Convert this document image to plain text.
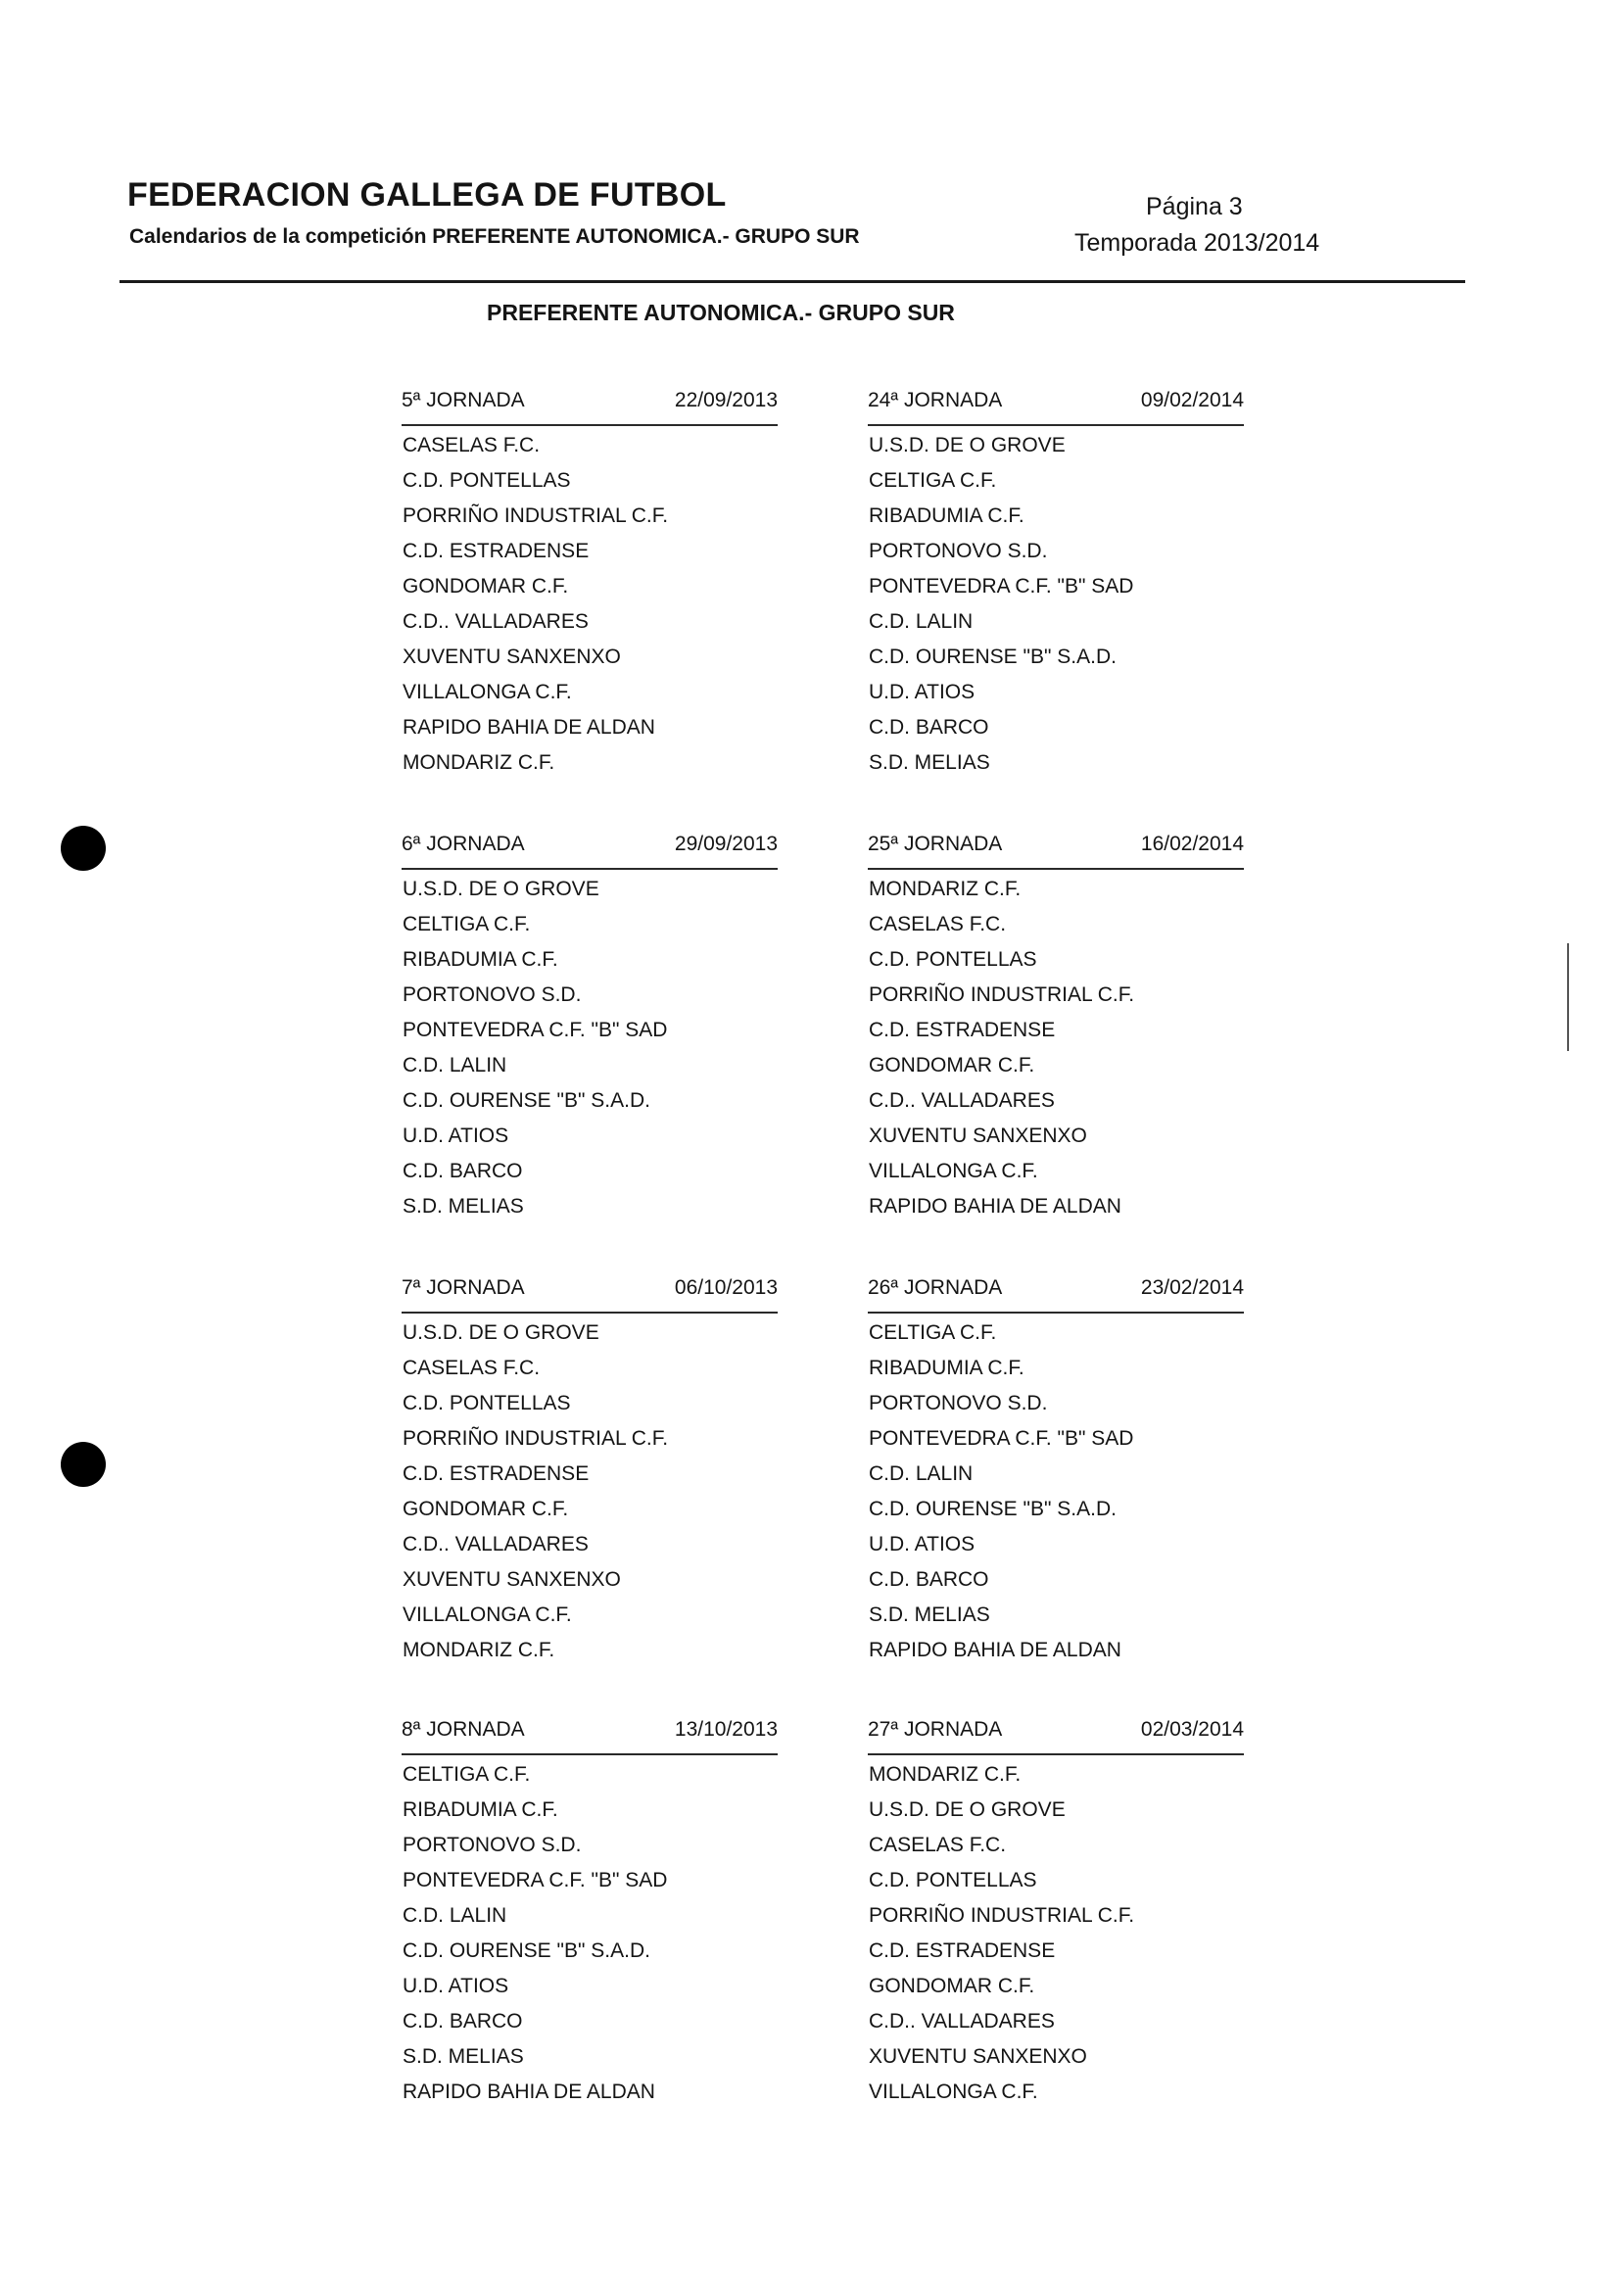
FEDERACION GALLEGA DE FUTBOL
Calendarios de la competición PREFERENTE AUTONOMICA.- GRUPO SUR
Página 3
Temporada 2013/2014
PREFERENTE AUTONOMICA.- GRUPO SUR
5ª JORNADA	22/09/2013
CASELAS F.C.
C.D. PONTELLAS
PORRIÑO INDUSTRIAL C.F.
C.D. ESTRADENSE
GONDOMAR C.F.
C.D.. VALLADARES
XUVENTU SANXENXO
VILLALONGA C.F.
RAPIDO BAHIA DE ALDAN
MONDARIZ C.F.
24ª JORNADA	09/02/2014
U.S.D. DE O GROVE
CELTIGA C.F.
RIBADUMIA C.F.
PORTONOVO S.D.
PONTEVEDRA C.F. "B" SAD
C.D. LALIN
C.D. OURENSE "B" S.A.D.
U.D. ATIOS
C.D. BARCO
S.D. MELIAS
6ª JORNADA	29/09/2013
U.S.D. DE O GROVE
CELTIGA C.F.
RIBADUMIA C.F.
PORTONOVO S.D.
PONTEVEDRA C.F. "B" SAD
C.D. LALIN
C.D. OURENSE "B" S.A.D.
U.D. ATIOS
C.D. BARCO
S.D. MELIAS
25ª JORNADA	16/02/2014
MONDARIZ C.F.
CASELAS F.C.
C.D. PONTELLAS
PORRIÑO INDUSTRIAL C.F.
C.D. ESTRADENSE
GONDOMAR C.F.
C.D.. VALLADARES
XUVENTU SANXENXO
VILLALONGA C.F.
RAPIDO BAHIA DE ALDAN
7ª JORNADA	06/10/2013
U.S.D. DE O GROVE
CASELAS F.C.
C.D. PONTELLAS
PORRIÑO INDUSTRIAL C.F.
C.D. ESTRADENSE
GONDOMAR C.F.
C.D.. VALLADARES
XUVENTU SANXENXO
VILLALONGA C.F.
MONDARIZ C.F.
26ª JORNADA	23/02/2014
CELTIGA C.F.
RIBADUMIA C.F.
PORTONOVO S.D.
PONTEVEDRA C.F. "B" SAD
C.D. LALIN
C.D. OURENSE "B" S.A.D.
U.D. ATIOS
C.D. BARCO
S.D. MELIAS
RAPIDO BAHIA DE ALDAN
8ª JORNADA	13/10/2013
CELTIGA C.F.
RIBADUMIA C.F.
PORTONOVO S.D.
PONTEVEDRA C.F. "B" SAD
C.D. LALIN
C.D. OURENSE "B" S.A.D.
U.D. ATIOS
C.D. BARCO
S.D. MELIAS
RAPIDO BAHIA DE ALDAN
27ª JORNADA	02/03/2014
MONDARIZ C.F.
U.S.D. DE O GROVE
CASELAS F.C.
C.D. PONTELLAS
PORRIÑO INDUSTRIAL C.F.
C.D. ESTRADENSE
GONDOMAR C.F.
C.D.. VALLADARES
XUVENTU SANXENXO
VILLALONGA C.F.
